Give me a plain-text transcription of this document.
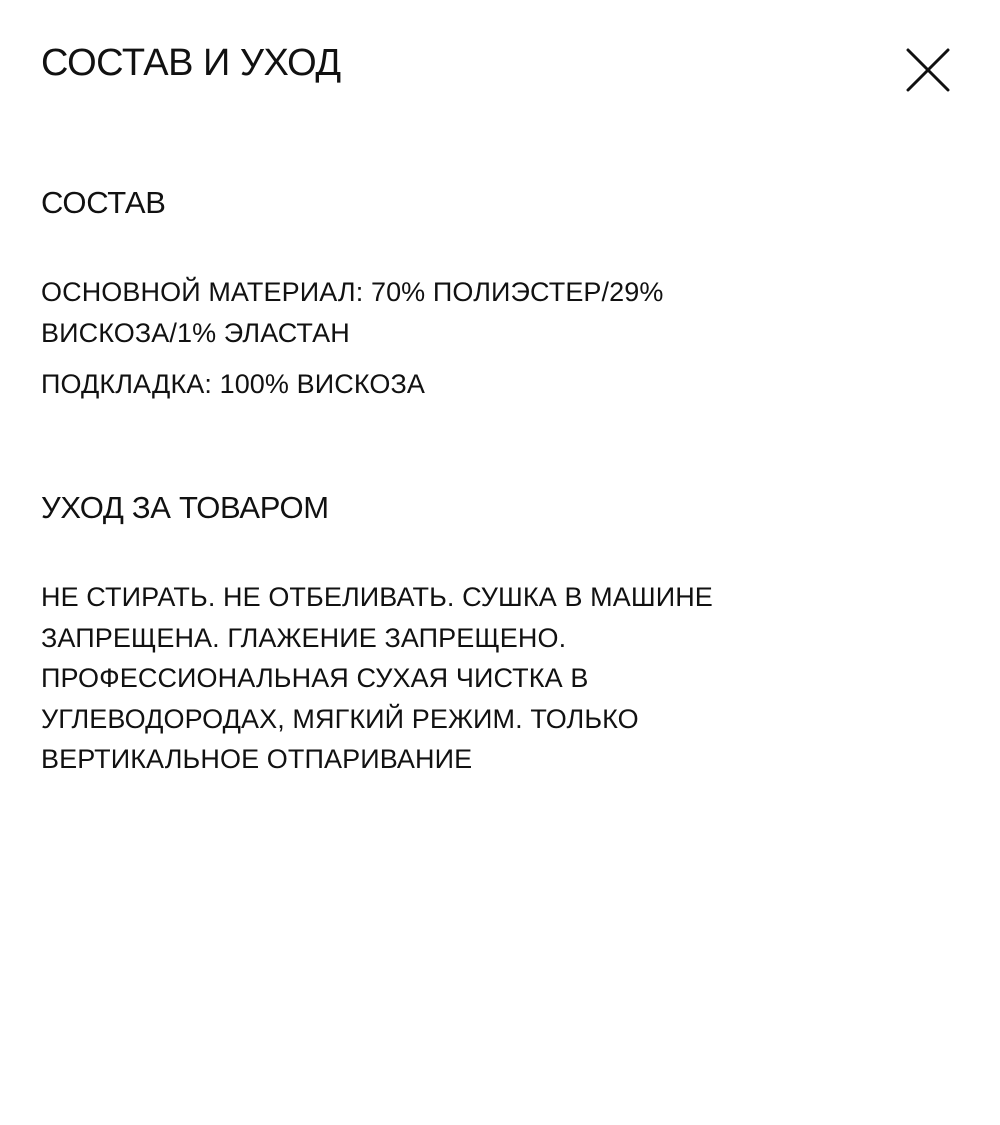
СОСТАВ И УХОД
СОСТАВ
ОСНОВНОЙ МАТЕРИАЛ: 70% ПОЛИЭСТЕР/29%
ВИСКОЗА/1% ЭЛАСТАН
ПОДКЛАДКА: 100% ВИСКОЗА
УХОД ЗА ТОВАРОМ
НЕ СТИРАТЬ. НЕ ОТБЕЛИВАТЬ. СУШКА В МАШИНЕ
ЗАПРЕЩЕНА. ГЛАЖЕНИЕ ЗАПРЕЩЕНО.
ПРОФЕССИОНАЛЬНАЯ СУХАЯ ЧИСТКА В
УГЛЕВОДОРОДАХ, МЯГКИЙ РЕЖИМ. ТОЛЬКО
ВЕРТИКАЛЬНОЕ ОТПАРИВАНИЕ
